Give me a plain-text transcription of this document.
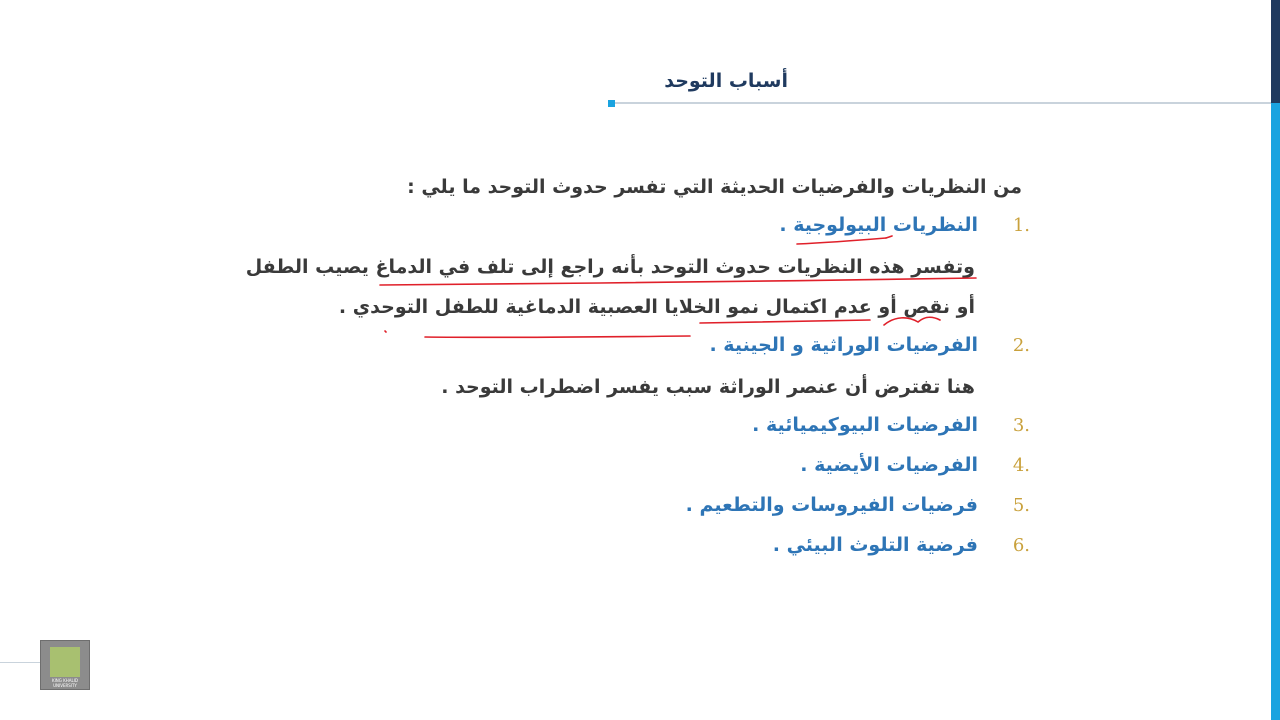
أسباب التوحد
من النظريات والفرضيات الحديثة التي تفسر حدوث التوحد ما يلي :
1.النظريات البيولوجية .
وتفسر هذه النظريات حدوث التوحد بأنه راجع إلى تلف في الدماغ يصيب الطفل
أو نقص أو عدم اكتمال نمو الخلايا العصبية الدماغية للطفل التوحدي .
2.الفرضيات الوراثية و الجينية .
هنا تفترض أن عنصر الوراثة سبب يفسر اضطراب التوحد .
3.الفرضيات البيوكيميائية .
4.الفرضيات الأيضية .
5.فرضيات الفيروسات والتطعيم .
6.فرضية التلوث البيئي .
KING KHALID UNIVERSITY
